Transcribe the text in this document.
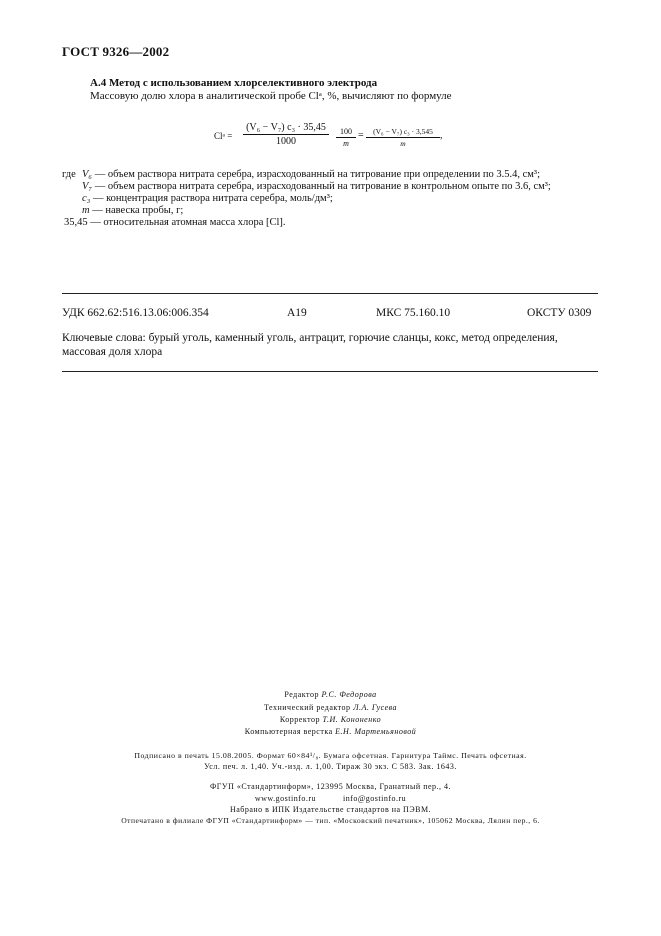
ГОСТ 9326—2002
А.4 Метод с использованием хлорселективного электрода
Массовую долю хлора в аналитической пробе Clᵃ, %, вычисляют по формуле
Clᵃ = $\frac{\text{(V₆ − V₇) c₃ · 35,45}}{1000} \frac{100}{m} = \frac{\text{(V₆ − V₇) c₃ · 3,545}}{m}$ ,
где V₆ — объем раствора нитрата серебра, израсходованный на титрование при определении по 3.5.4, см³;
V₇ — объем раствора нитрата серебра, израсходованный на титрование в контрольном опыте по 3.6, см³;
c₃ — концентрация раствора нитрата серебра, моль/дм³;
m — навеска пробы, г;
35,45 — относительная атомная масса хлора [Cl].
УДК 662.62:516.13.06:006.354	А19	МКС 75.160.10	ОКСТУ 0309
Ключевые слова: бурый уголь, каменный уголь, антрацит, горючие сланцы, кокс, метод определения, массовая доля хлора
Редактор Р.С. Федорова
Технический редактор Л.А. Гусева
Корректор Т.И. Кононенко
Компьютерная верстка Е.Н. Мартемьяновой
Подписано в печать 15.08.2005. Формат 60×84¹/₈. Бумага офсетная. Гарнитура Таймс. Печать офсетная.
Усл. печ. л. 1,40. Уч.-изд. л. 1,00. Тираж 30 экз. С 583. Зак. 1643.
ФГУП «Стандартинформ», 123995 Москва, Гранатный пер., 4.
www.gostinfo.ru	info@gostinfo.ru
Набрано в ИПК Издательстве стандартов на ПЭВМ.
Отпечатано в филиале ФГУП «Стандартинформ» — тип. «Московский печатник», 105062 Москва, Лялин пер., 6.
